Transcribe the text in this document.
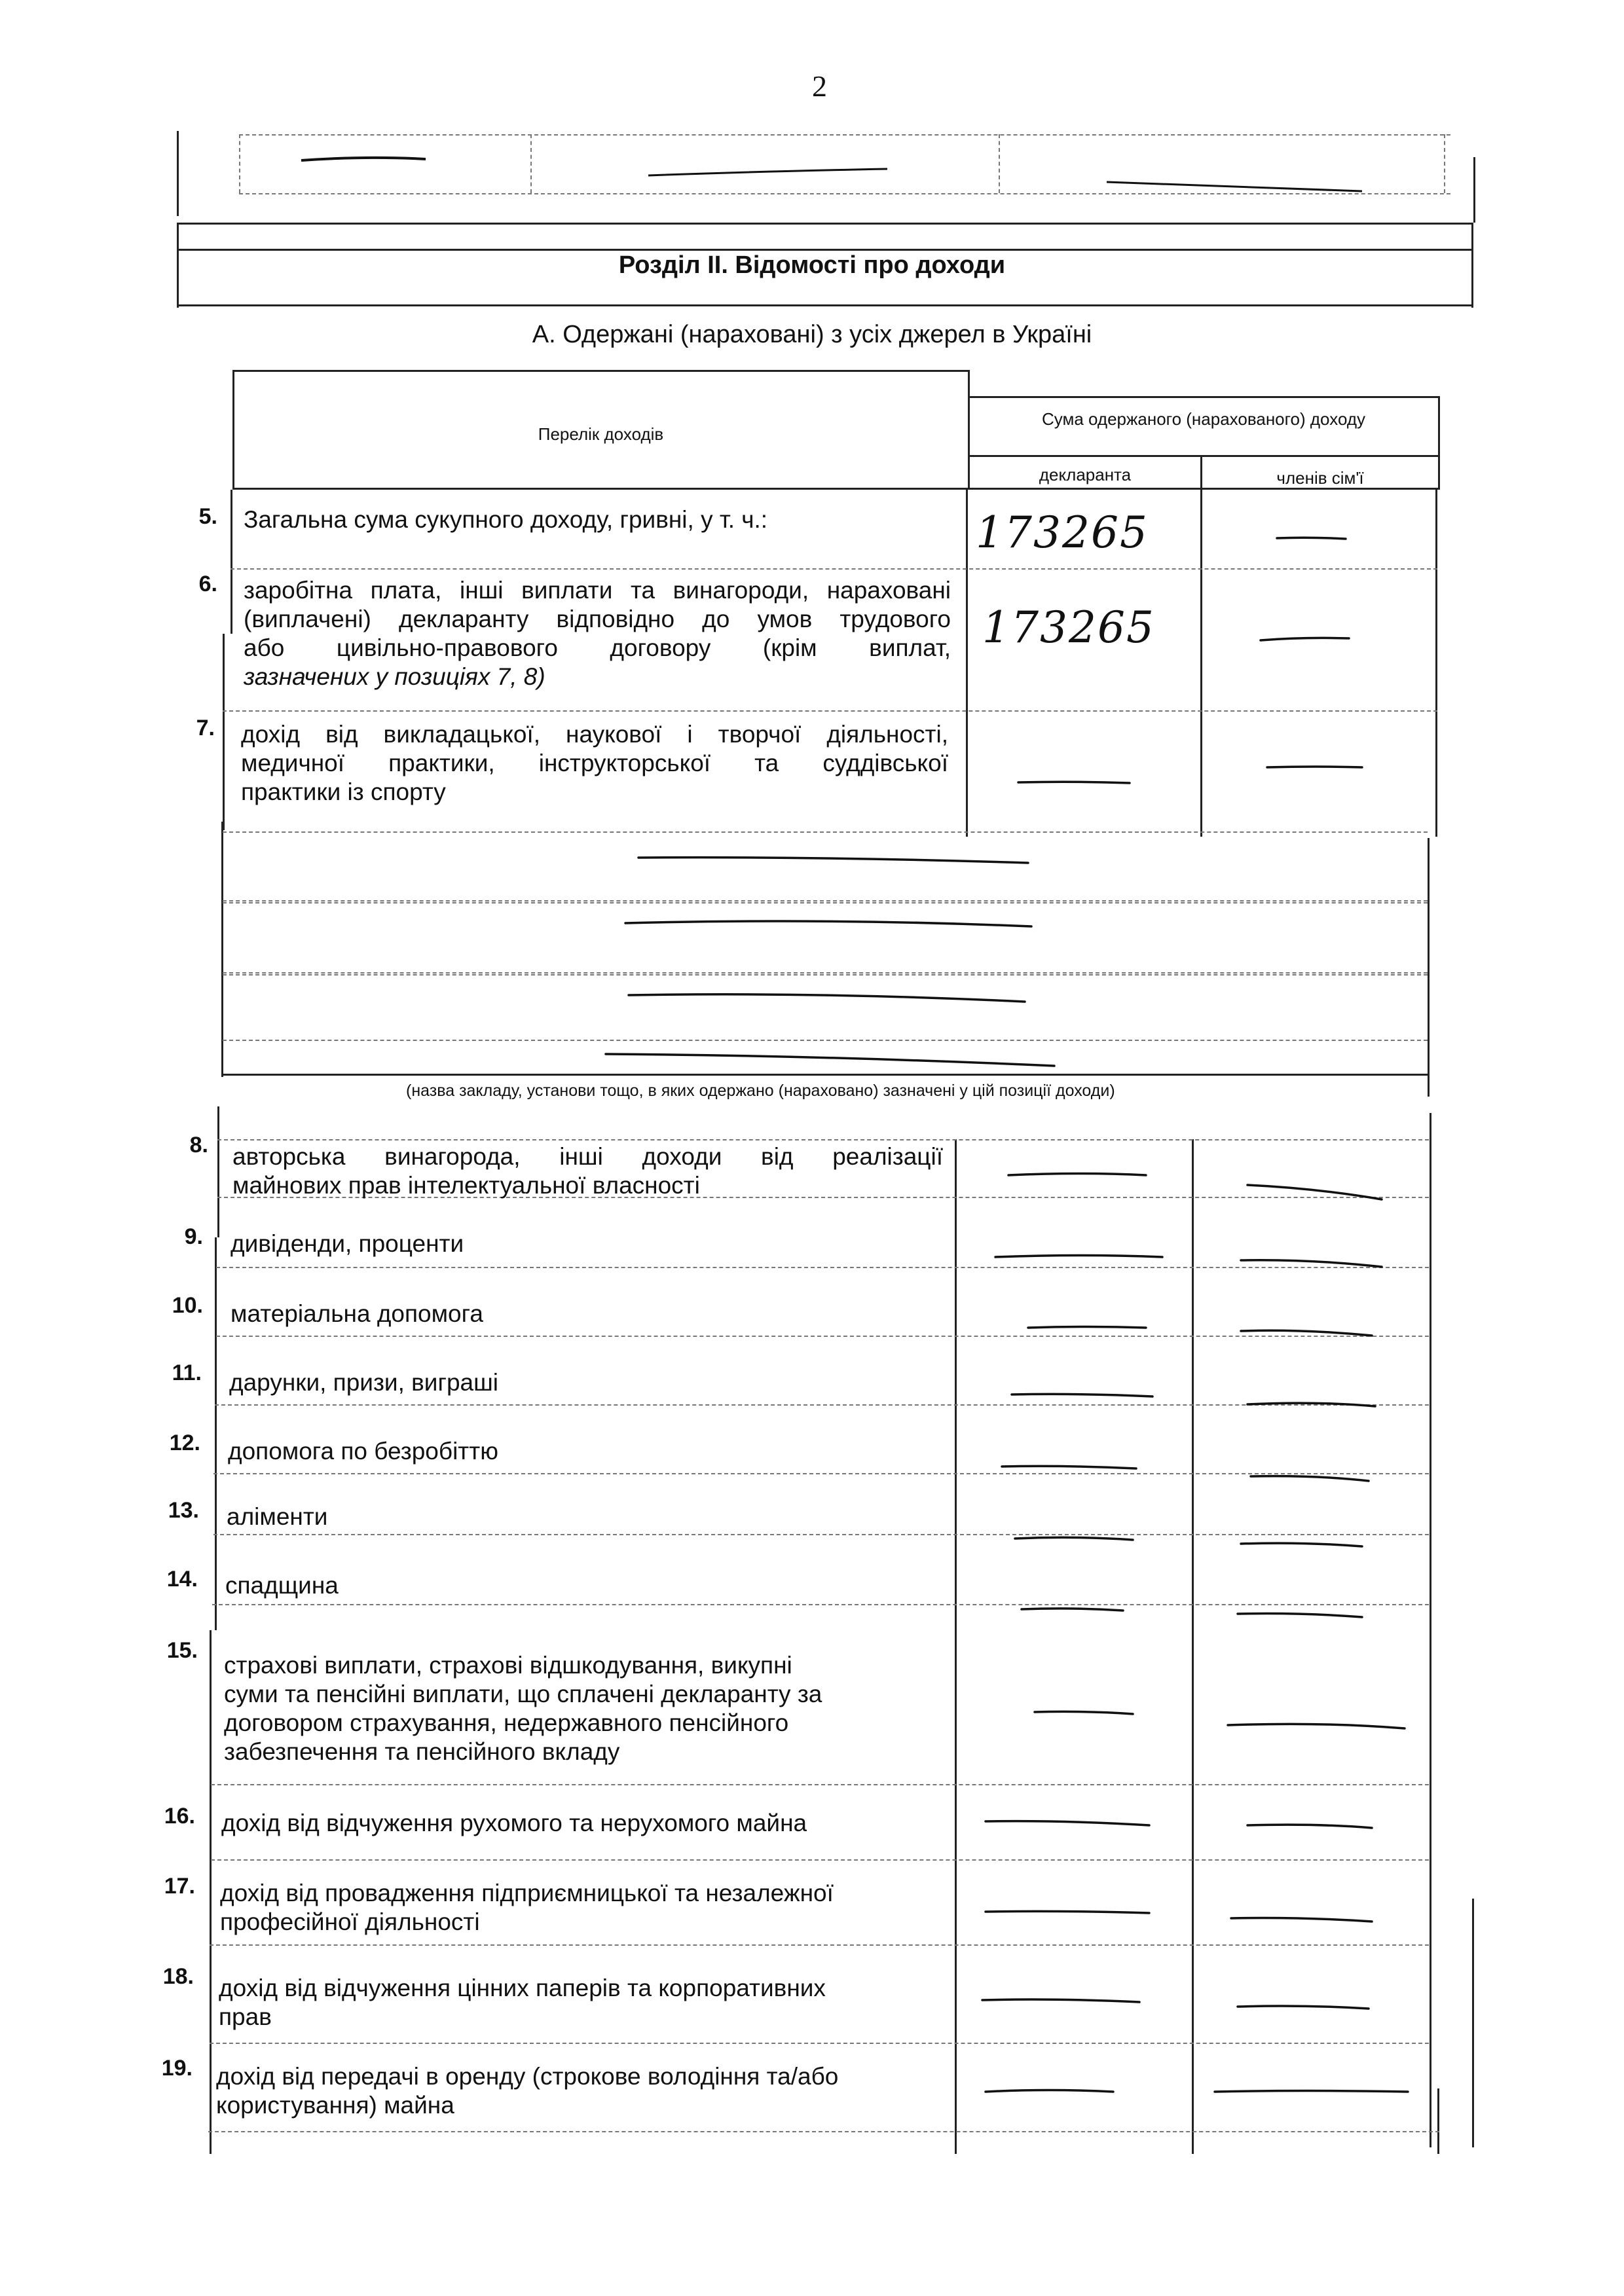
2
Розділ II. Відомості про доходи
А. Одержані (нараховані) з усіх джерел в Україні
Перелік доходів
Сума одержаного (нарахованого) доходу
декларанта	членів сім'ї
(назва закладу, установи тощо, в яких одержано (нараховано) зазначені у цій позиції доходи)
5. Загальна сума сукупного доходу, гривні, у т. ч.:	173265
6. заробітна плата, інші виплати та винагороди, нараховані
(виплачені) декларанту відповідно до умов трудового
або цивільно-правового договору (крім виплат,
зазначених у позиціях 7, 8)
173265
7. дохід від викладацької, наукової і творчої діяльності,
медичної практики, інструкторської та суддівської
практики із спорту
8. авторська винагорода, інші доходи від реалізації
майнових прав інтелектуальної власності
9. дивіденди, проценти
10. матеріальна допомога
11. дарунки, призи, виграші
12. допомога по безробіттю
13. аліменти
14. спадщина
15.
страхові виплати, страхові відшкодування, викупні
суми та пенсійні виплати, що сплачені декларанту за
договором страхування, недержавного пенсійного
забезпечення та пенсійного вкладу
16. дохід від відчуження рухомого та нерухомого майна
17. дохід від провадження підприємницької та незалежної
професійної діяльності
18. дохід від відчуження цінних паперів та корпоративних
прав
19. дохід від передачі в оренду (строкове володіння та/або
користування) майна
